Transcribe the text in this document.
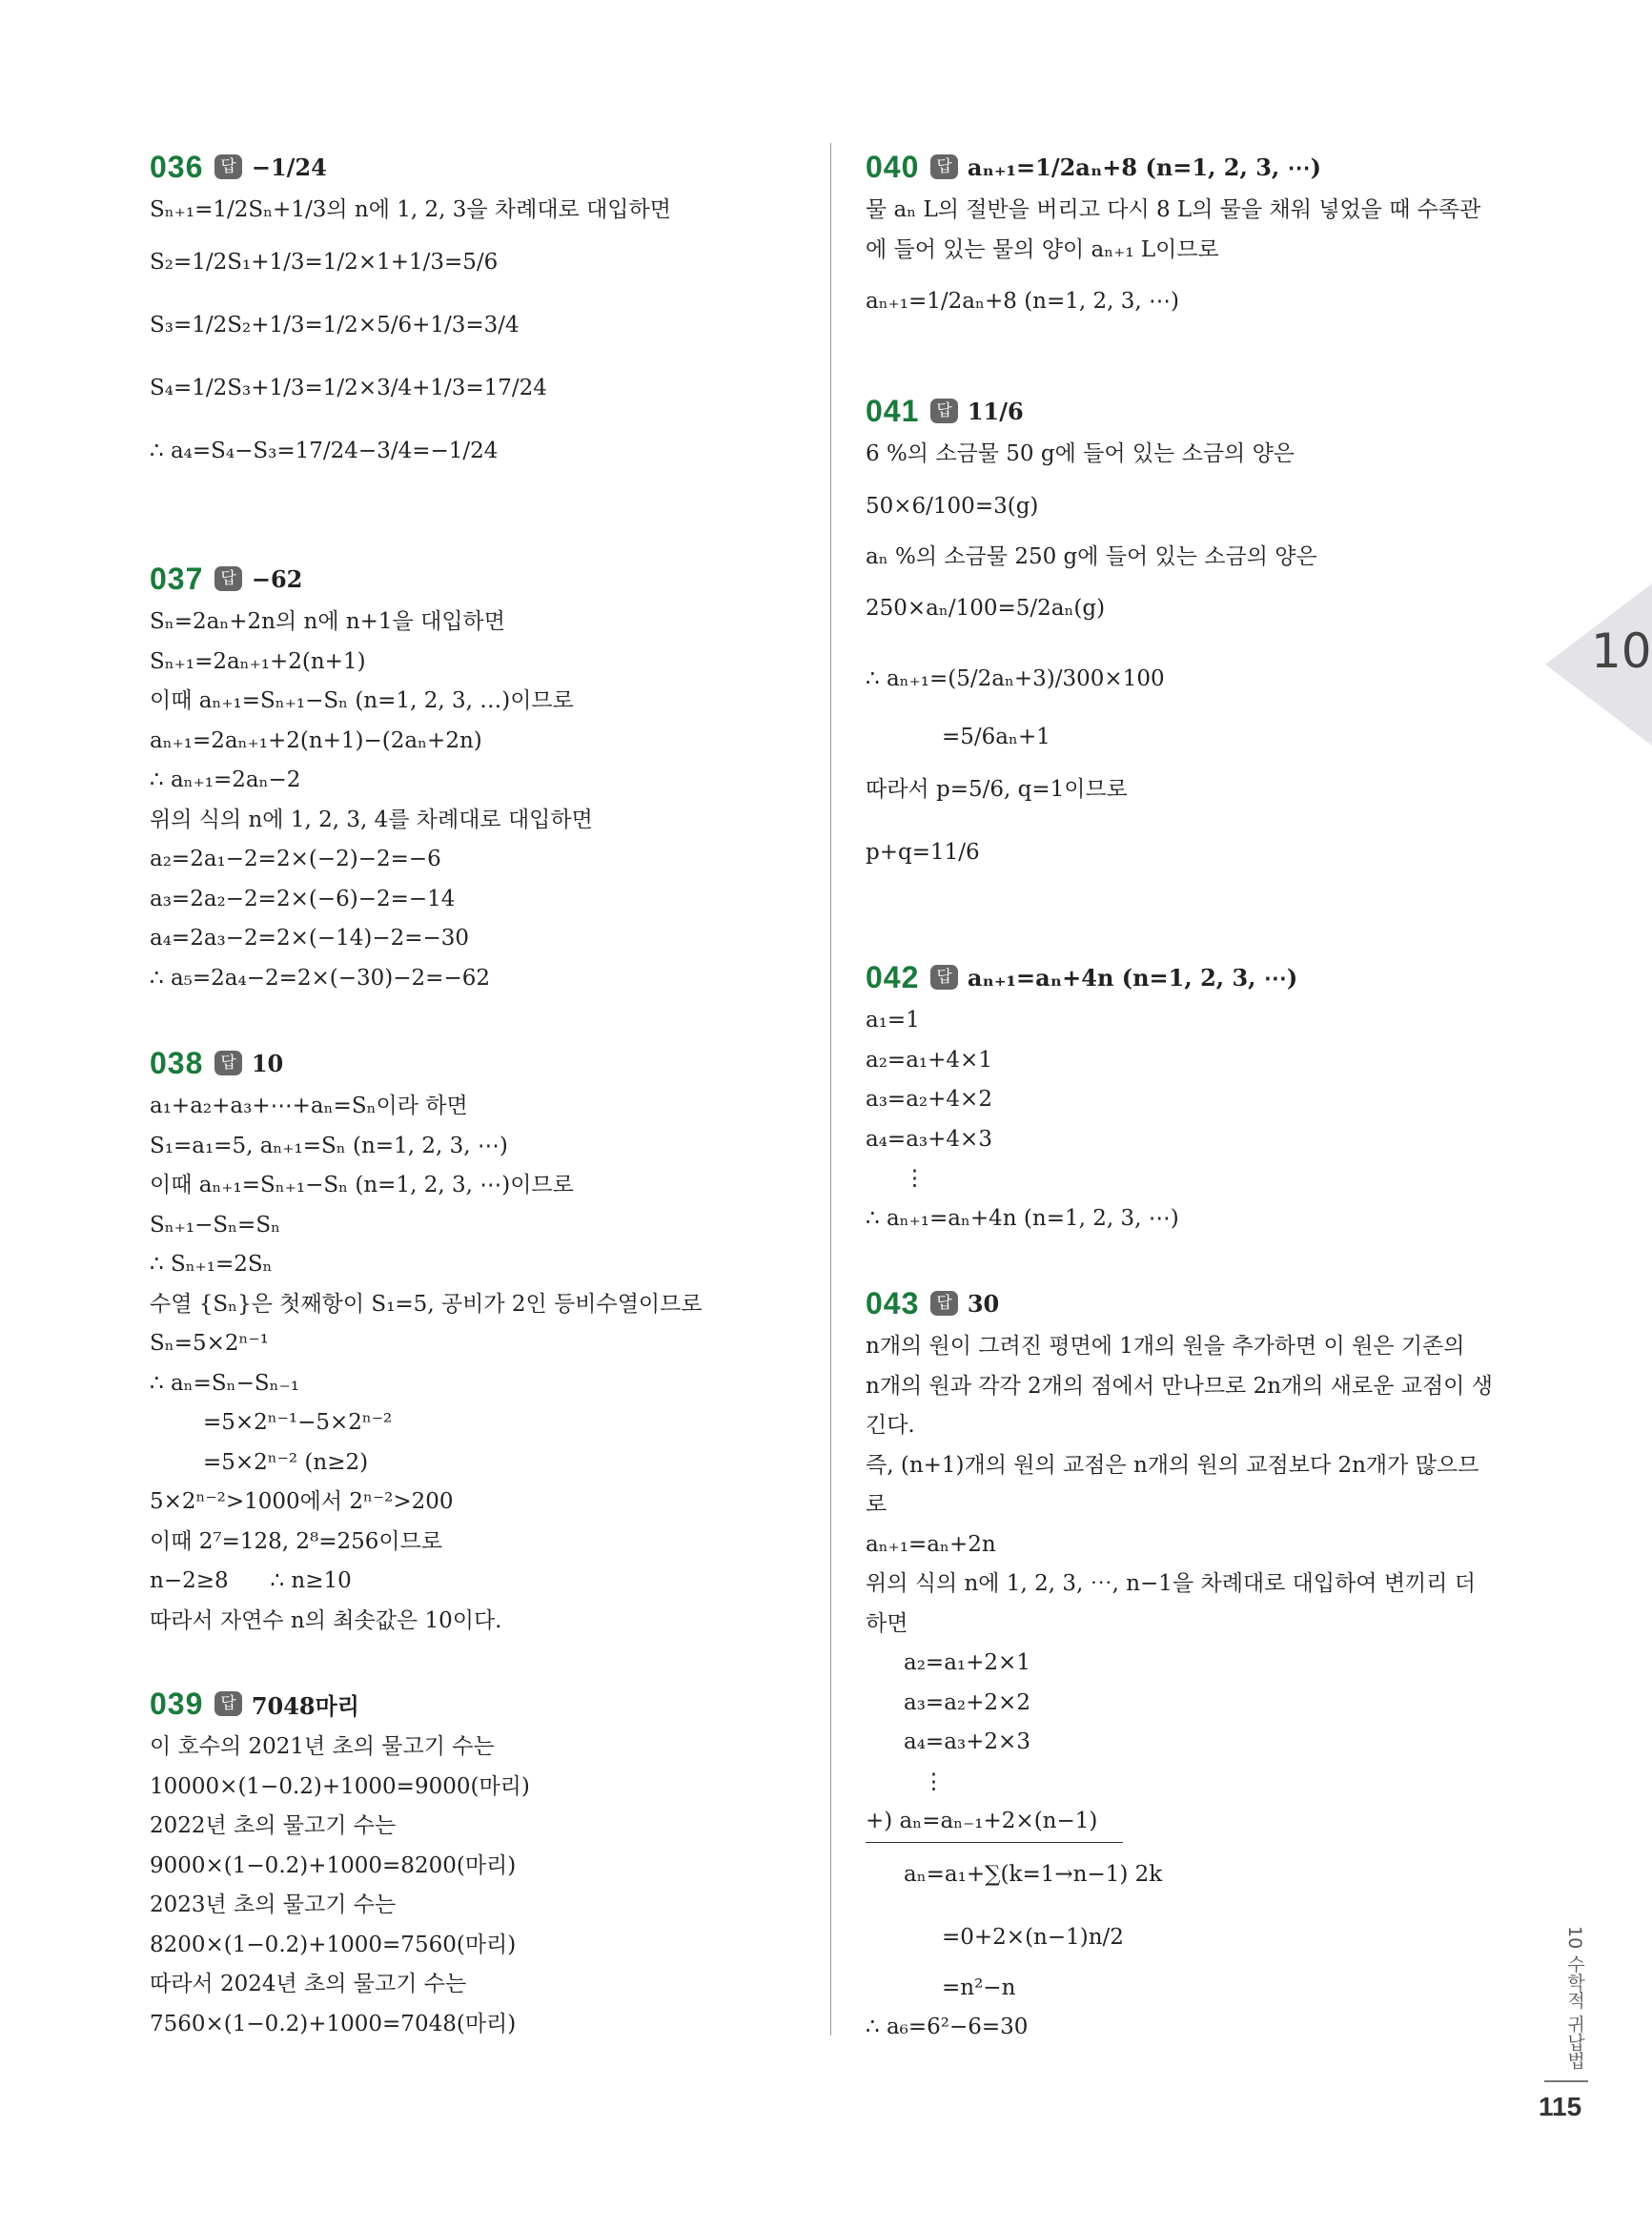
036	답 −1/24
Sₙ₊₁=1/2Sₙ+1/3의 n에 1, 2, 3을 차례대로 대입하면
S₂=1/2S₁+1/3=1/2×1+1/3=5/6
S₃=1/2S₂+1/3=1/2×5/6+1/3=3/4
S₄=1/2S₃+1/3=1/2×3/4+1/3=17/24
∴ a₄=S₄−S₃=17/24−3/4=−1/24
037	답 −62
Sₙ=2aₙ+2n의 n에 n+1을 대입하면
Sₙ₊₁=2aₙ₊₁+2(n+1)
이때 aₙ₊₁=Sₙ₊₁−Sₙ (n=1, 2, 3, …)이므로
aₙ₊₁=2aₙ₊₁+2(n+1)−(2aₙ+2n)
∴ aₙ₊₁=2aₙ−2
위의 식의 n에 1, 2, 3, 4를 차례대로 대입하면
a₂=2a₁−2=2×(−2)−2=−6
a₃=2a₂−2=2×(−6)−2=−14
a₄=2a₃−2=2×(−14)−2=−30
∴ a₅=2a₄−2=2×(−30)−2=−62
038	답 10
a₁+a₂+a₃+⋯+aₙ=Sₙ이라 하면
S₁=a₁=5, aₙ₊₁=Sₙ (n=1, 2, 3, ⋯)
이때 aₙ₊₁=Sₙ₊₁−Sₙ (n=1, 2, 3, ⋯)이므로
Sₙ₊₁−Sₙ=Sₙ
∴ Sₙ₊₁=2Sₙ
수열 {Sₙ}은 첫째항이 S₁=5, 공비가 2인 등비수열이므로
Sₙ=5×2ⁿ⁻¹
∴ aₙ=Sₙ−Sₙ₋₁
=5×2ⁿ⁻¹−5×2ⁿ⁻²
=5×2ⁿ⁻² (n≥2)
5×2ⁿ⁻²>1000에서 2ⁿ⁻²>200
이때 2⁷=128, 2⁸=256이므로
n−2≥8      ∴ n≥10
따라서 자연수 n의 최솟값은 10이다.
039	답 7048마리
이 호수의 2021년 초의 물고기 수는
10000×(1−0.2)+1000=9000(마리)
2022년 초의 물고기 수는
9000×(1−0.2)+1000=8200(마리)
2023년 초의 물고기 수는
8200×(1−0.2)+1000=7560(마리)
따라서 2024년 초의 물고기 수는
7560×(1−0.2)+1000=7048(마리)
040	답 aₙ₊₁=1/2aₙ+8 (n=1, 2, 3, ⋯)
물 aₙ L의 절반을 버리고 다시 8 L의 물을 채워 넣었을 때 수족관
에 들어 있는 물의 양이 aₙ₊₁ L이므로
aₙ₊₁=1/2aₙ+8 (n=1, 2, 3, ⋯)
041	답 11/6
6 %의 소금물 50 g에 들어 있는 소금의 양은
50×6/100=3(g)
aₙ %의 소금물 250 g에 들어 있는 소금의 양은
250×aₙ/100=5/2aₙ(g)
∴ aₙ₊₁=(5/2aₙ+3)/300×100
=5/6aₙ+1
따라서 p=5/6, q=1이므로
p+q=11/6
042	답 aₙ₊₁=aₙ+4n (n=1, 2, 3, ⋯)
a₁=1
a₂=a₁+4×1
a₃=a₂+4×2
a₄=a₃+4×3
⋮
∴ aₙ₊₁=aₙ+4n (n=1, 2, 3, ⋯)
043	답 30
n개의 원이 그려진 평면에 1개의 원을 추가하면 이 원은 기존의
n개의 원과 각각 2개의 점에서 만나므로 2n개의 새로운 교점이 생
긴다.
즉, (n+1)개의 원의 교점은 n개의 원의 교점보다 2n개가 많으므
로
aₙ₊₁=aₙ+2n
위의 식의 n에 1, 2, 3, ⋯, n−1을 차례대로 대입하여 변끼리 더
하면
a₂=a₁+2×1
a₃=a₂+2×2
a₄=a₃+2×3
⋮
+) aₙ=aₙ₋₁+2×(n−1)
aₙ=a₁+∑(k=1→n−1) 2k
=0+2×(n−1)n/2
=n²−n
∴ a₆=6²−6=30
10
10 수학적 귀납법
115
